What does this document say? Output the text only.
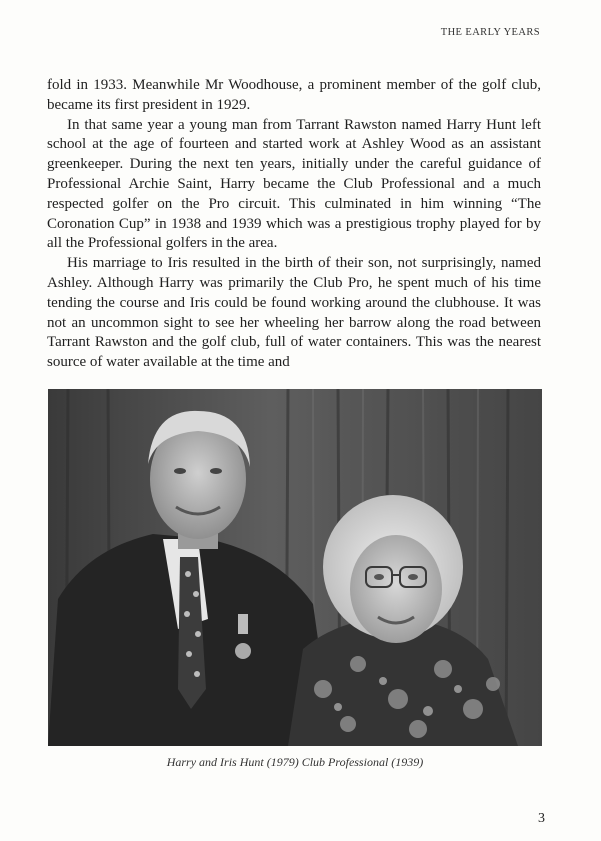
THE EARLY YEARS

fold in 1933. Meanwhile Mr Woodhouse, a prominent member of the golf club, became its first president in 1929.

In that same year a young man from Tarrant Rawston named Harry Hunt left school at the age of fourteen and started work at Ashley Wood as an assistant greenkeeper. During the next ten years, initially under the careful guidance of Professional Archie Saint, Harry became the Club Professional and a much respected golfer on the Pro circuit. This culminated in him winning “The Coronation Cup” in 1938 and 1939 which was a prestigious trophy played for by all the Professional golfers in the area.

His marriage to Iris resulted in the birth of their son, not surprisingly, named Ashley. Although Harry was primarily the Club Pro, he spent much of his time tending the course and Iris could be found working around the clubhouse. It was not an uncommon sight to see her wheeling her barrow along the road between Tarrant Rawston and the golf club, full of water containers. This was the nearest source of water available at the time and

Harry and Iris Hunt (1979) Club Professional (1939)
3
